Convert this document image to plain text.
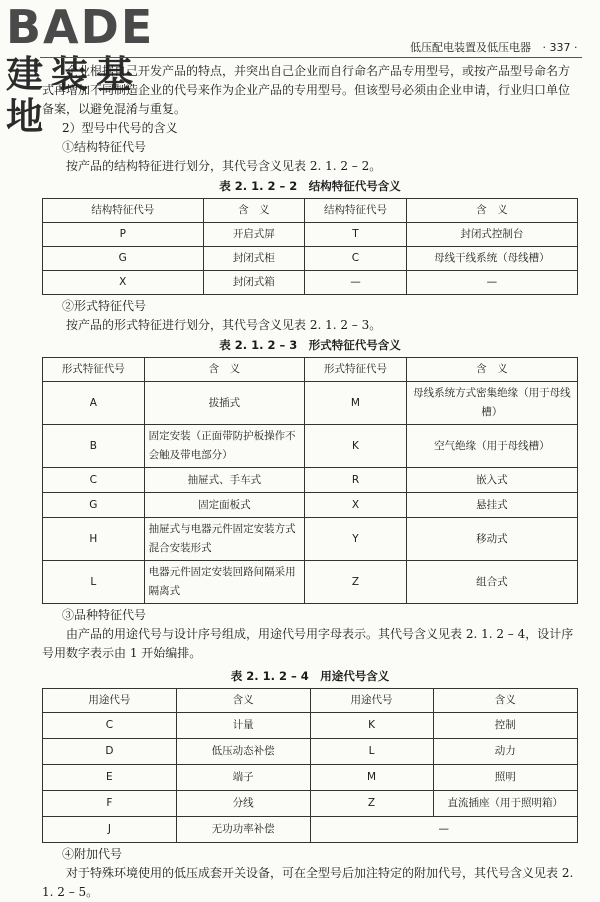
BADE
建装基地
低压配电装置及低压电器 · 337 ·

企业根据自己开发产品的特点，并突出自己企业而自行命名产品专用型号，或按产品型号命名方式再增加不同制造企业的代号来作为企业产品的专用型号。但该型号必须由企业申请，行业归口单位备案，以避免混淆与重复。

2）型号中代号的含义

①结构特征代号

按产品的结构特征进行划分，其代号含义见表 2. 1. 2 – 2。

表 2. 1. 2 – 2　结构特征代号含义
结构特征代号	含　义	结构特征代号	含　义
P	开启式屏	T	封闭式控制台
G	封闭式柜	C	母线干线系统（母线槽）
X	封闭式箱	—	—

②形式特征代号

按产品的形式特征进行划分，其代号含义见表 2. 1. 2 – 3。

表 2. 1. 2 – 3　形式特征代号含义
形式特征代号	含　义	形式特征代号	含　义
A	拔插式	M	母线系统方式密集绝缘（用于母线槽）
B	固定安装（正面带防护板操作不会触及带电部分）	K	空气绝缘（用于母线槽）
C	抽屉式、手车式	R	嵌入式
G	固定面板式	X	悬挂式
H	抽屉式与电器元件固定安装方式混合安装形式	Y	移动式
L	电器元件固定安装回路间隔采用隔离式	Z	组合式

③品种特征代号

由产品的用途代号与设计序号组成，用途代号用字母表示。其代号含义见表 2. 1. 2 – 4，设计序号用数字表示由 1 开始编排。

表 2. 1. 2 – 4　用途代号含义
用途代号	含义	用途代号	含义
C	计量	K	控制
D	低压动态补偿	L	动力
E	端子	M	照明
F	分线	Z	直流插座（用于照明箱）
J	无功功率补偿	—	

④附加代号

对于特殊环境使用的低压成套开关设备，可在全型号后加注特定的附加代号，其代号含义见表 2. 1. 2 – 5。
